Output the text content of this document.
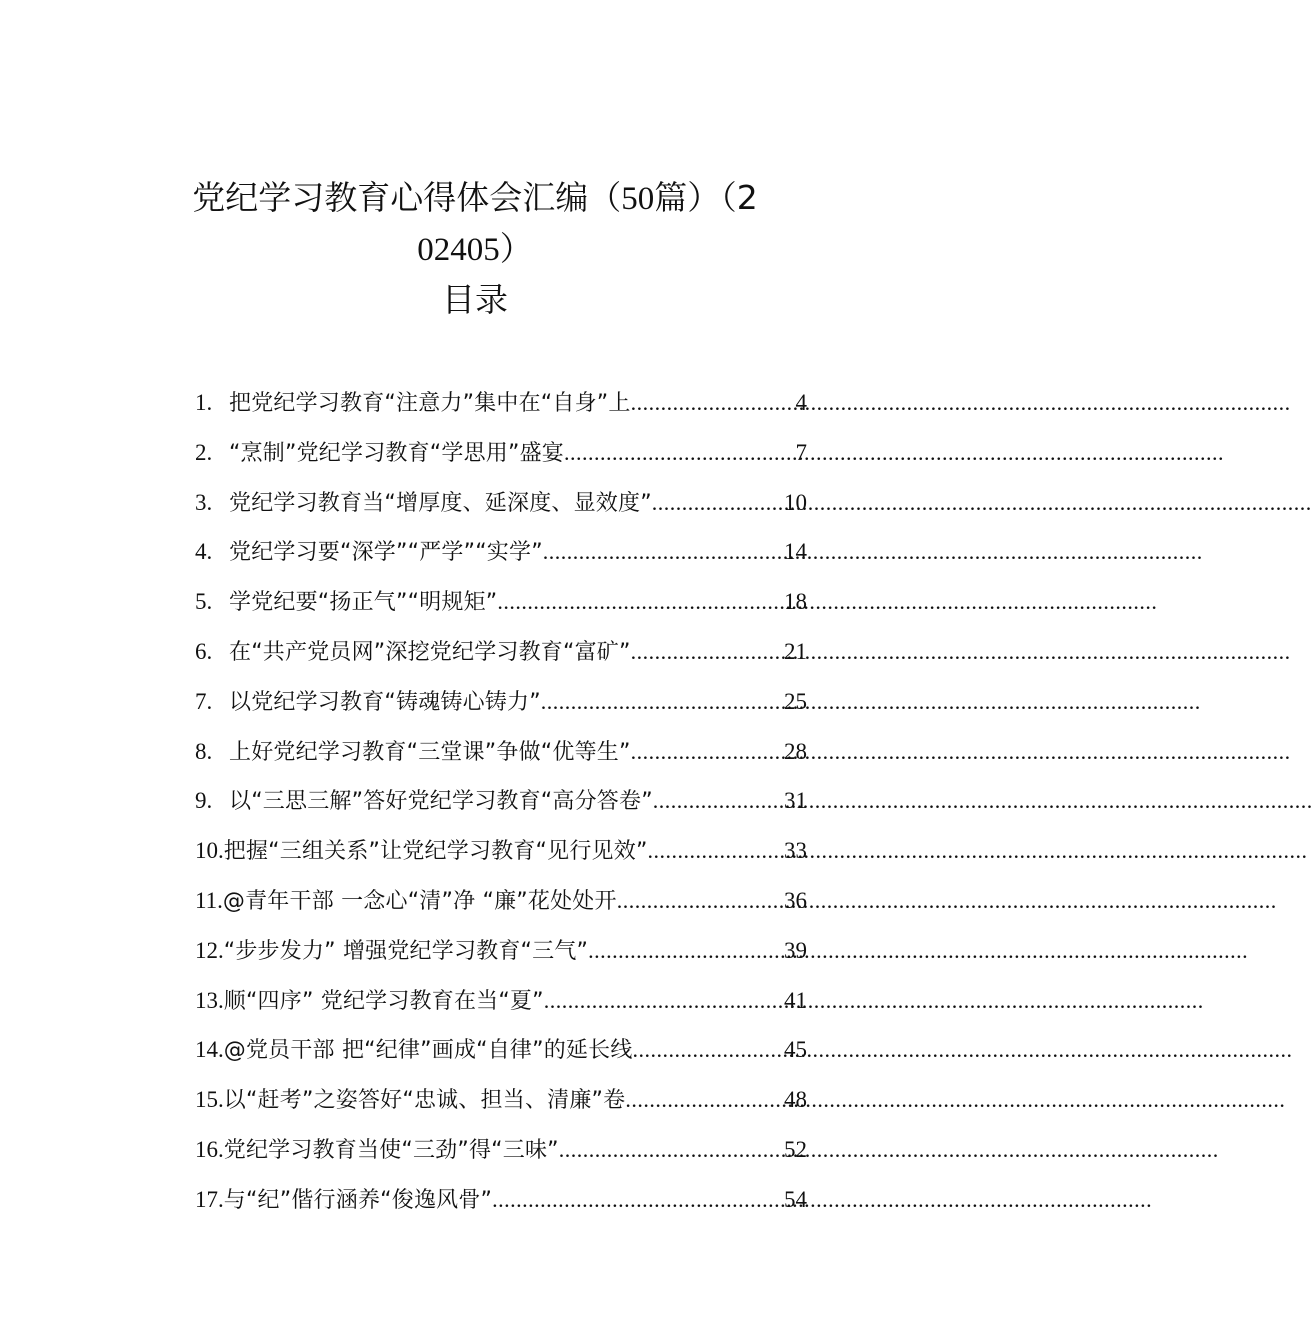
党纪学习教育心得体会汇编（50篇）（2
02405）
目录
1. 把党纪学习教育“注意力”集中在“自身”上 .....	4
2. “烹制”党纪学习教育“学思用”盛宴 .....	7
3. 党纪学习教育当“增厚度、延深度、显效度” .....	10
4. 党纪学习要“深学”“严学”“实学” .....	14
5. 学党纪要“扬正气”“明规矩” .....	18
6. 在“共产党员网”深挖党纪学习教育“富矿” .....	21
7. 以党纪学习教育“铸魂铸心铸力” .....	25
8. 上好党纪学习教育“三堂课”争做“优等生” .....	28
9. 以“三思三解”答好党纪学习教育“高分答卷” .....	31
10. 把握“三组关系”让党纪学习教育“见行见效” .....	33
11. @青年干部 一念心“清”净 “廉”花处处开 .....	36
12. “步步发力” 增强党纪学习教育“三气” .....	39
13. 顺“四序” 党纪学习教育在当“夏” .....	41
14. @党员干部 把“纪律”画成“自律”的延长线 .....	45
15. 以“赶考”之姿答好“忠诚、担当、清廉”卷 .....	48
16. 党纪学习教育当使“三劲”得“三味” .....	52
17. 与“纪”偕行涵养“俊逸风骨” .....	54
